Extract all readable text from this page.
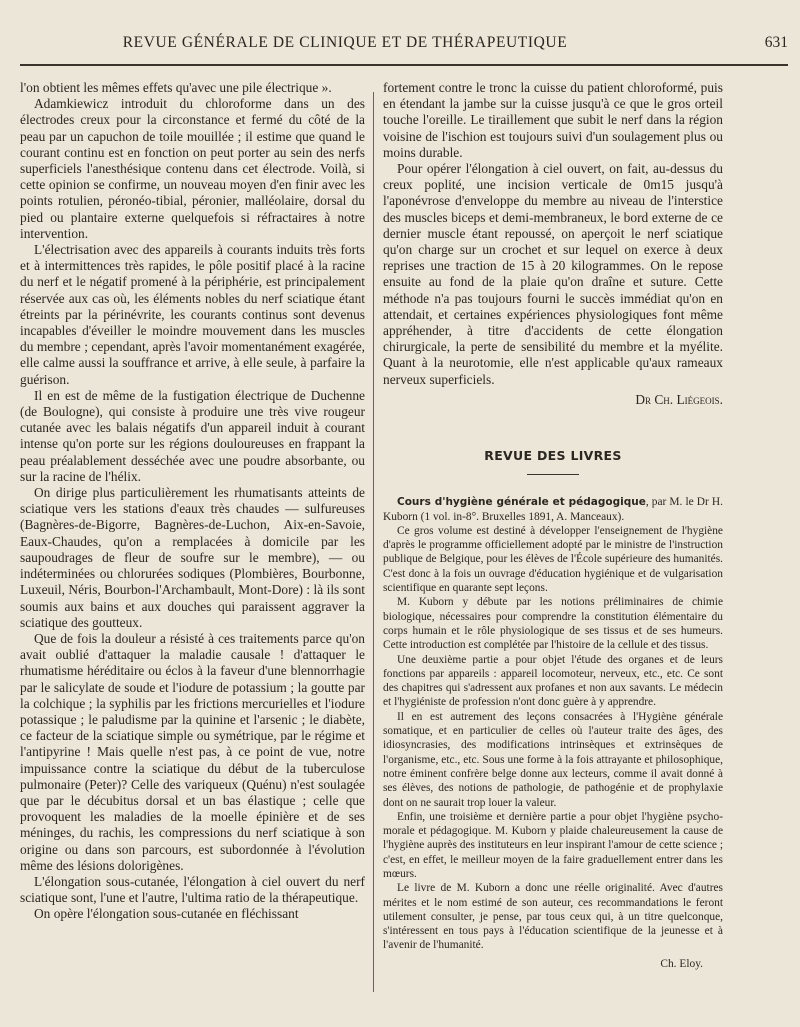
REVUE GÉNÉRALE DE CLINIQUE ET DE THÉRAPEUTIQUE	631

l'on obtient les mêmes effets qu'avec une pile électrique ».

Adamkiewicz introduit du chloroforme dans un des électrodes creux pour la circonstance et fermé du côté de la peau par un capuchon de toile mouillée ; il estime que quand le courant continu est en fonction on peut porter au sein des nerfs superficiels l'anesthésique contenu dans cet électrode. Voilà, si cette opinion se confirme, un nouveau moyen d'en finir avec les points rotulien, péronéo-tibial, péronier, malléolaire, dorsal du pied ou plantaire externe quelquefois si réfractaires à notre intervention.

L'électrisation avec des appareils à courants induits très forts et à intermittences très rapides, le pôle positif placé à la racine du nerf et le négatif promené à la périphérie, est principalement réservée aux cas où, les éléments nobles du nerf sciatique étant étreints par la périnévrite, les courants continus sont devenus incapables d'éveiller le moindre mouvement dans les muscles du membre ; cependant, après l'avoir momentanément exagérée, elle calme aussi la souffrance et arrive, à elle seule, à parfaire la guérison.

Il en est de même de la fustigation électrique de Duchenne (de Boulogne), qui consiste à produire une très vive rougeur cutanée avec les balais négatifs d'un appareil induit à courant intense qu'on porte sur les régions douloureuses en frappant la peau préalablement desséchée avec une poudre absorbante, ou sur la racine de l'hélix.

On dirige plus particulièrement les rhumatisants atteints de sciatique vers les stations d'eaux très chaudes — sulfureuses (Bagnères-de-Bigorre, Bagnères-de-Luchon, Aix-en-Savoie, Eaux-Chaudes, qu'on a remplacées à domicile par les saupoudrages de fleur de soufre sur le membre), — ou indéterminées ou chlorurées sodiques (Plombières, Bourbonne, Luxeuil, Néris, Bourbon-l'Archambault, Mont-Dore) : là ils sont soumis aux bains et aux douches qui paraissent aggraver la sciatique des goutteux.

Que de fois la douleur a résisté à ces traitements parce qu'on avait oublié d'attaquer la maladie causale ! d'attaquer le rhumatisme héréditaire ou éclos à la faveur d'une blennorrhagie par le salicylate de soude et l'iodure de potassium ; la goutte par la colchique ; la syphilis par les frictions mercurielles et l'iodure potassique ; le paludisme par la quinine et l'arsenic ; le diabète, ce facteur de la sciatique simple ou symétrique, par le régime et l'antipyrine ! Mais quelle n'est pas, à ce point de vue, notre impuissance contre la sciatique du début de la tuberculose pulmonaire (Peter)? Celle des variqueux (Quénu) n'est soulagée que par le décubitus dorsal et un bas élastique ; celle que provoquent les maladies de la moelle épinière et de ses méninges, du rachis, les compressions du nerf sciatique à son origine ou dans son parcours, est subordonnée à l'évolution même des lésions dolorigènes.

L'élongation sous-cutanée, l'élongation à ciel ouvert du nerf sciatique sont, l'une et l'autre, l'ultima ratio de la thérapeutique.

On opère l'élongation sous-cutanée en fléchissant

fortement contre le tronc la cuisse du patient chloroformé, puis en étendant la jambe sur la cuisse jusqu'à ce que le gros orteil touche l'oreille. Le tiraillement que subit le nerf dans la région voisine de l'ischion est toujours suivi d'un soulagement plus ou moins durable.

Pour opérer l'élongation à ciel ouvert, on fait, au-dessus du creux poplité, une incision verticale de 0m15 jusqu'à l'aponévrose d'enveloppe du membre au niveau de l'interstice des muscles biceps et demi-membraneux, le bord externe de ce dernier muscle étant repoussé, on aperçoit le nerf sciatique qu'on charge sur un crochet et sur lequel on exerce à deux reprises une traction de 15 à 20 kilogrammes. On le repose ensuite au fond de la plaie qu'on draîne et suture. Cette méthode n'a pas toujours fourni le succès immédiat qu'on en attendait, et certaines expériences physiologiques font même appréhender, à titre d'accidents de cette élongation chirurgicale, la perte de sensibilité du membre et la myélite. Quant à la neurotomie, elle n'est applicable qu'aux rameaux nerveux superficiels.

Dr Ch. Liégeois.
REVUE DES LIVRES

Cours d'hygiène générale et pédagogique, par M. le Dr H. Kuborn (1 vol. in-8°. Bruxelles 1891, A. Manceaux).

Ce gros volume est destiné à développer l'enseignement de l'hygiène d'après le programme officiellement adopté par le ministre de l'instruction publique de Belgique, pour les élèves de l'École supérieure des humanités. C'est donc à la fois un ouvrage d'éducation hygiénique et de vulgarisation scientifique en quarante sept leçons.

M. Kuborn y débute par les notions préliminaires de chimie biologique, nécessaires pour comprendre la constitution élémentaire du corps humain et le rôle physiologique de ses tissus et de ses humeurs. Cette introduction est complétée par l'histoire de la cellule et des tissus.

Une deuxième partie a pour objet l'étude des organes et de leurs fonctions par appareils : appareil locomoteur, nerveux, etc., etc. Ce sont des chapitres qui s'adressent aux profanes et non aux savants. Le médecin et l'hygiéniste de profession n'ont donc guère à y apprendre.

Il en est autrement des leçons consacrées à l'Hygiène générale somatique, et en particulier de celles où l'auteur traite des âges, des idiosyncrasies, des modifications intrinsèques et extrinsèques de l'organisme, etc., etc. Sous une forme à la fois attrayante et philosophique, notre éminent confrère belge donne aux lecteurs, comme il avait donné à ses élèves, des notions de pathologie, de pathogénie et de prophylaxie dont on ne saurait trop louer la valeur.

Enfin, une troisième et dernière partie a pour objet l'hygiène psycho-morale et pédagogique. M. Kuborn y plaide chaleureusement la cause de l'hygiène auprès des instituteurs en leur inspirant l'amour de cette science ; c'est, en effet, le meilleur moyen de la faire graduellement entrer dans les mœurs.

Le livre de M. Kuborn a donc une réelle originalité. Avec d'autres mérites et le nom estimé de son auteur, ces recommandations le feront utilement consulter, je pense, par tous ceux qui, à un titre quelconque, s'intéressent en tous pays à l'éducation scientifique de la jeunesse et à l'avenir de l'humanité.

Ch. Eloy.
